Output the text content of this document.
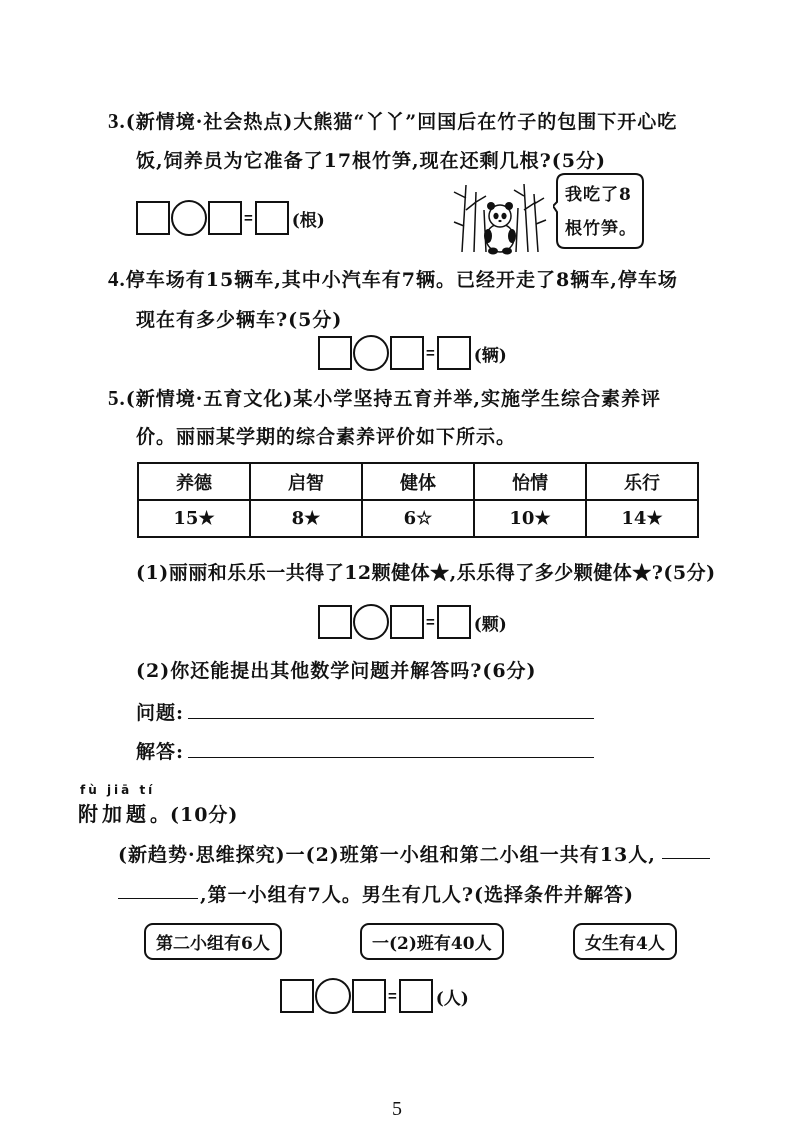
3.(新情境·社会热点)大熊猫“丫丫”回国后在竹子的包围下开心吃
饭,饲养员为它准备了17根竹笋,现在还剩几根?(5分)
= (根)
我吃了8
根竹笋。
4.停车场有15辆车,其中小汽车有7辆。已经开走了8辆车,停车场
现在有多少辆车?(5分)
= (辆)
5.(新情境·五育文化)某小学坚持五育并举,实施学生综合素养评
价。丽丽某学期的综合素养评价如下所示。
养德	启智	健体	怡情	乐行
15★	8★	6☆	10★	14★
(1)丽丽和乐乐一共得了12颗健体★,乐乐得了多少颗健体★?(5分)
= (颗)
(2)你还能提出其他数学问题并解答吗?(6分)
问题:
解答:
fù jiā tí
附加题。(10分)
(新趋势·思维探究)一(2)班第一小组和第二小组一共有13人,
,第一小组有7人。男生有几人?(选择条件并解答)
第二小组有6人	一(2)班有40人	女生有4人
= (人)
5
